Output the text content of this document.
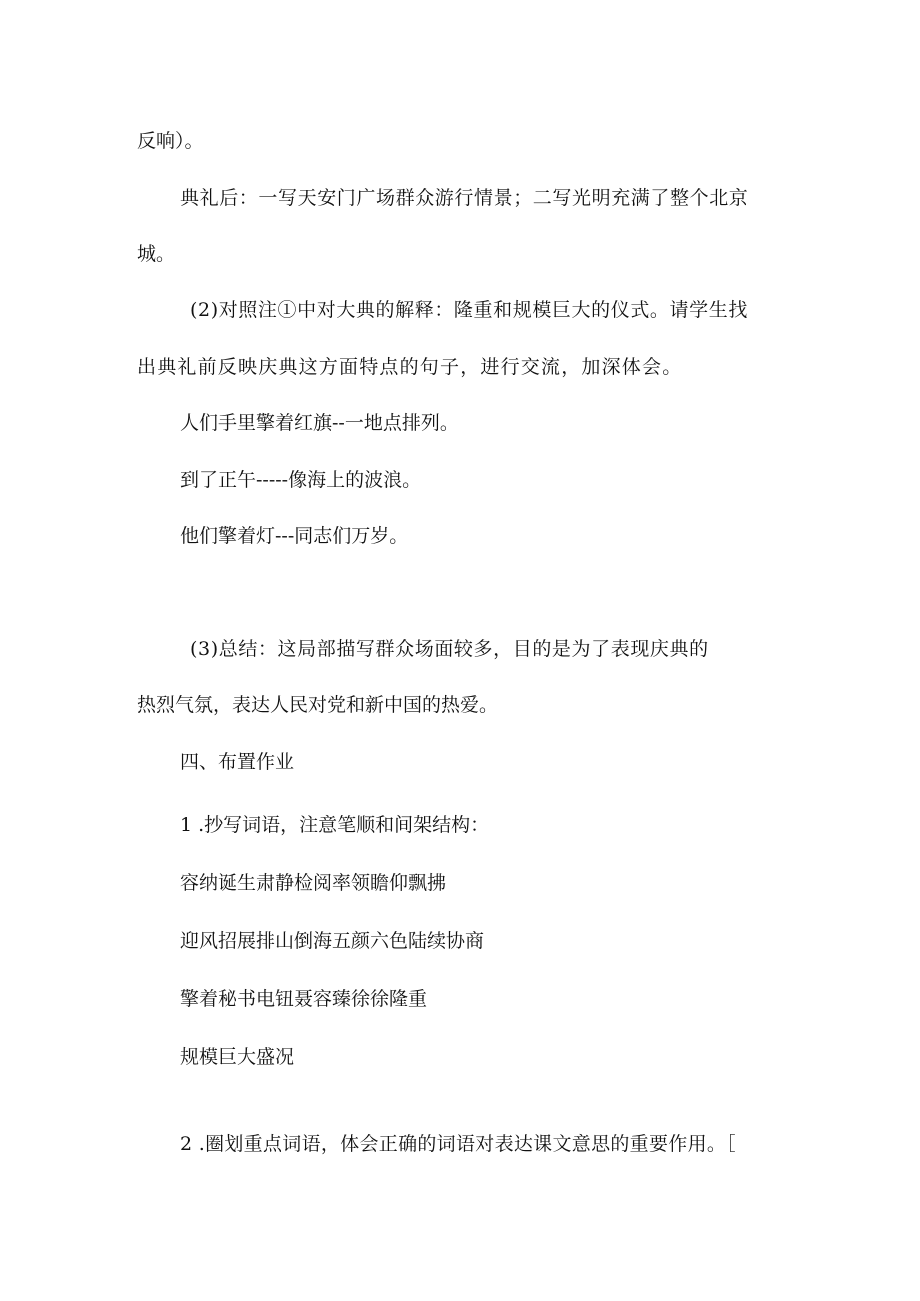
反响）。
典礼后：一写天安门广场群众游行情景；二写光明充满了整个北京
城。
(2)对照注①中对大典的解释：隆重和规模巨大的仪式。请学生找
出典礼前反映庆典这方面特点的句子，进行交流，加深体会。
人们手里擎着红旗--一地点排列。
到了正午-----像海上的波浪。
他们擎着灯---同志们万岁。
(3)总结：这局部描写群众场面较多，目的是为了表现庆典的
热烈气氛，表达人民对党和新中国的热爱。
四、布置作业
1 .抄写词语，注意笔顺和间架结构：
容纳诞生肃静检阅率领瞻仰飘拂
迎风招展排山倒海五颜六色陆续协商
擎着秘书电钮聂容臻徐徐隆重
规模巨大盛况
2 .圈划重点词语，体会正确的词语对表达课文意思的重要作用。［
